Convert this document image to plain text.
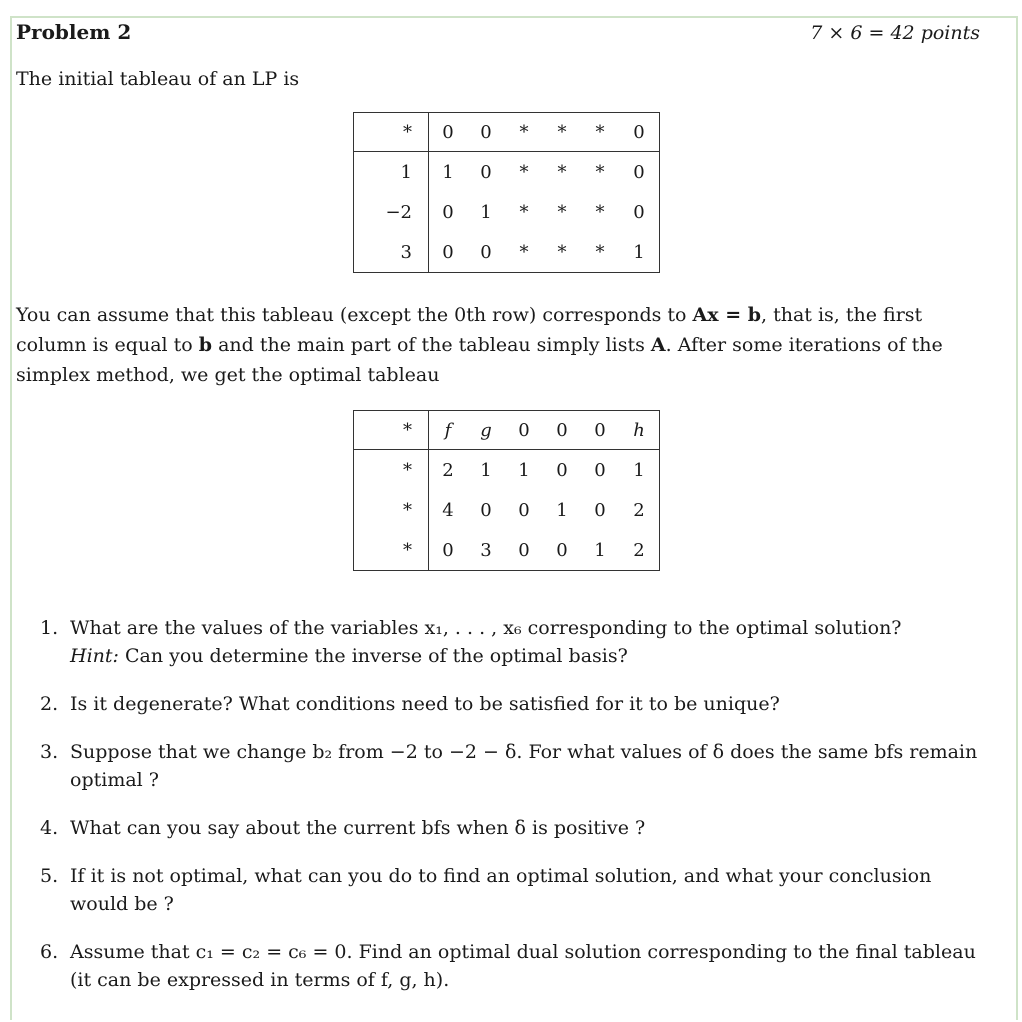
Problem 2	7 × 6 = 42 points
The initial tableau of an LP is
*	0	0	*	*	*	0
1	1	0	*	*	*	0
−2	0	1	*	*	*	0
3	0	0	*	*	*	1
You can assume that this tableau (except the 0th row) corresponds to Ax = b, that is, the first column is equal to b and the main part of the tableau simply lists A. After some iterations of the simplex method, we get the optimal tableau
*	f	g	0	0	0	h
*	2	1	1	0	0	1
*	4	0	0	1	0	2
*	0	3	0	0	1	2
1. What are the values of the variables x₁, . . . , x₆ corresponding to the optimal solution?
Hint: Can you determine the inverse of the optimal basis?
2. Is it degenerate? What conditions need to be satisfied for it to be unique?
3. Suppose that we change b₂ from −2 to −2 − δ. For what values of δ does the same bfs remain optimal ?
4. What can you say about the current bfs when δ is positive ?
5. If it is not optimal, what can you do to find an optimal solution, and what your conclusion would be ?
6. Assume that c₁ = c₂ = c₆ = 0. Find an optimal dual solution corresponding to the final tableau (it can be expressed in terms of f, g, h).
